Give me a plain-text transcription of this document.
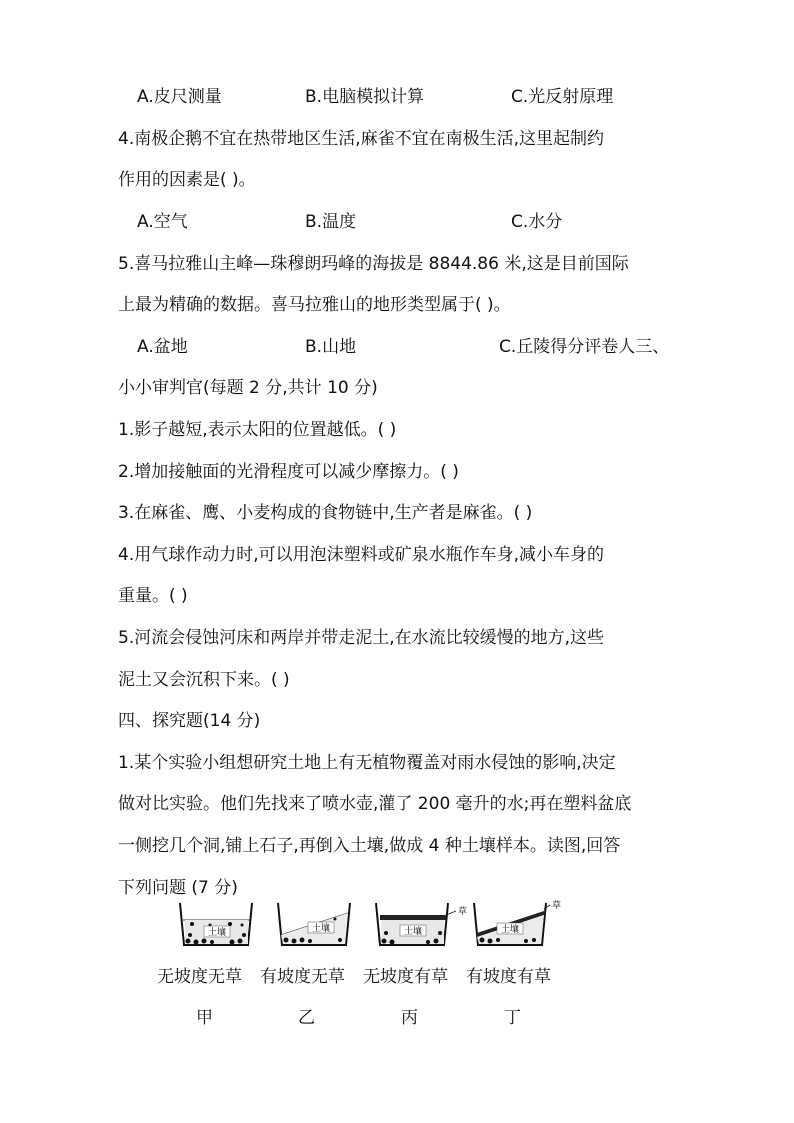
A.皮尺测量	B.电脑模拟计算	C.光反射原理
4.南极企鹅不宜在热带地区生活,麻雀不宜在南极生活,这里起制约
作用的因素是( )。
A.空气	B.温度	C.水分
5.喜马拉雅山主峰—珠穆朗玛峰的海拔是 8844.86 米,这是目前国际
上最为精确的数据。喜马拉雅山的地形类型属于( )。
A.盆地	B.山地	C.丘陵得分评卷人三、
小小审判官(每题 2 分,共计 10 分)
1.影子越短,表示太阳的位置越低。( )
2.增加接触面的光滑程度可以减少摩擦力。( )
3.在麻雀、鹰、小麦构成的食物链中,生产者是麻雀。( )
4.用气球作动力时,可以用泡沫塑料或矿泉水瓶作车身,减小车身的
重量。( )
5.河流会侵蚀河床和两岸并带走泥土,在水流比较缓慢的地方,这些
泥土又会沉积下来。( )
四、探究题(14 分)
1.某个实验小组想研究土地上有无植物覆盖对雨水侵蚀的影响,决定
做对比实验。他们先找来了喷水壶,灌了 200 毫升的水;再在塑料盆底
一侧挖几个洞,铺上石子,再倒入土壤,做成 4 种土壤样本。读图,回答
下列问题 (7 分)
土壤	土壤	土壤
草
土壤
草
无坡度无草 有坡度无草 无坡度有草 有坡度有草
甲	乙	丙	丁
